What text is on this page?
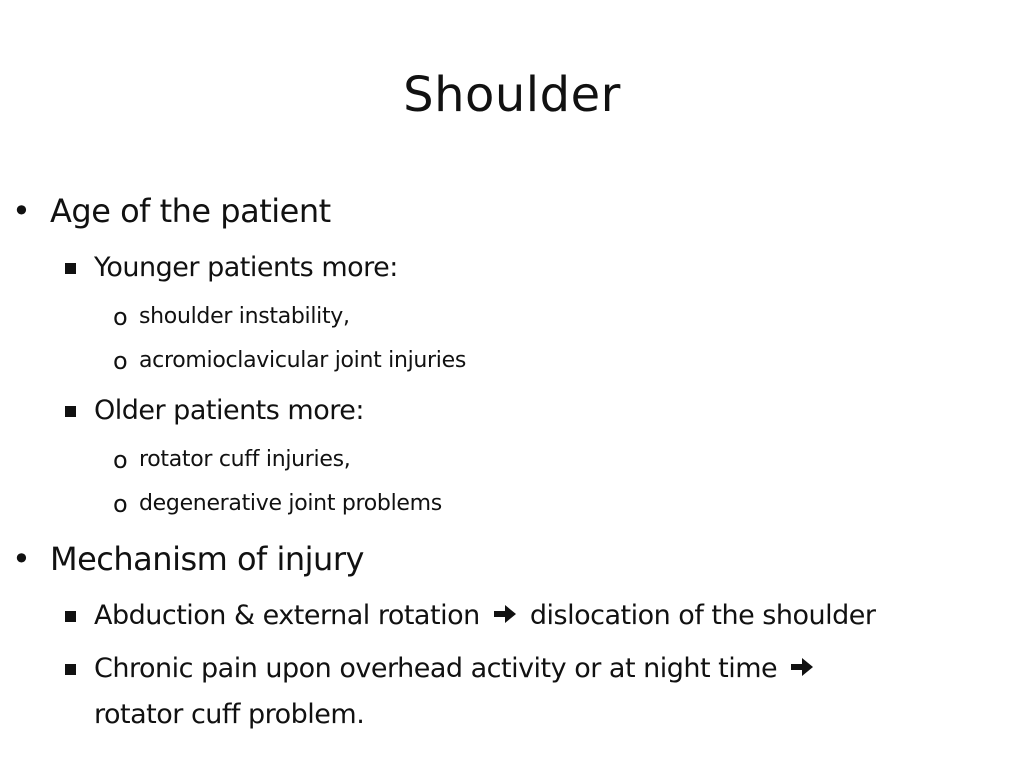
Shoulder
• Age of the patient
Younger patients more:
o shoulder instability,
o acromioclavicular joint injuries
Older patients more:
o rotator cuff injuries,
o degenerative joint problems
• Mechanism of injury
Abduction & external rotation dislocation of the shoulder
Chronic pain upon overhead activity or at night time
rotator cuff problem.
